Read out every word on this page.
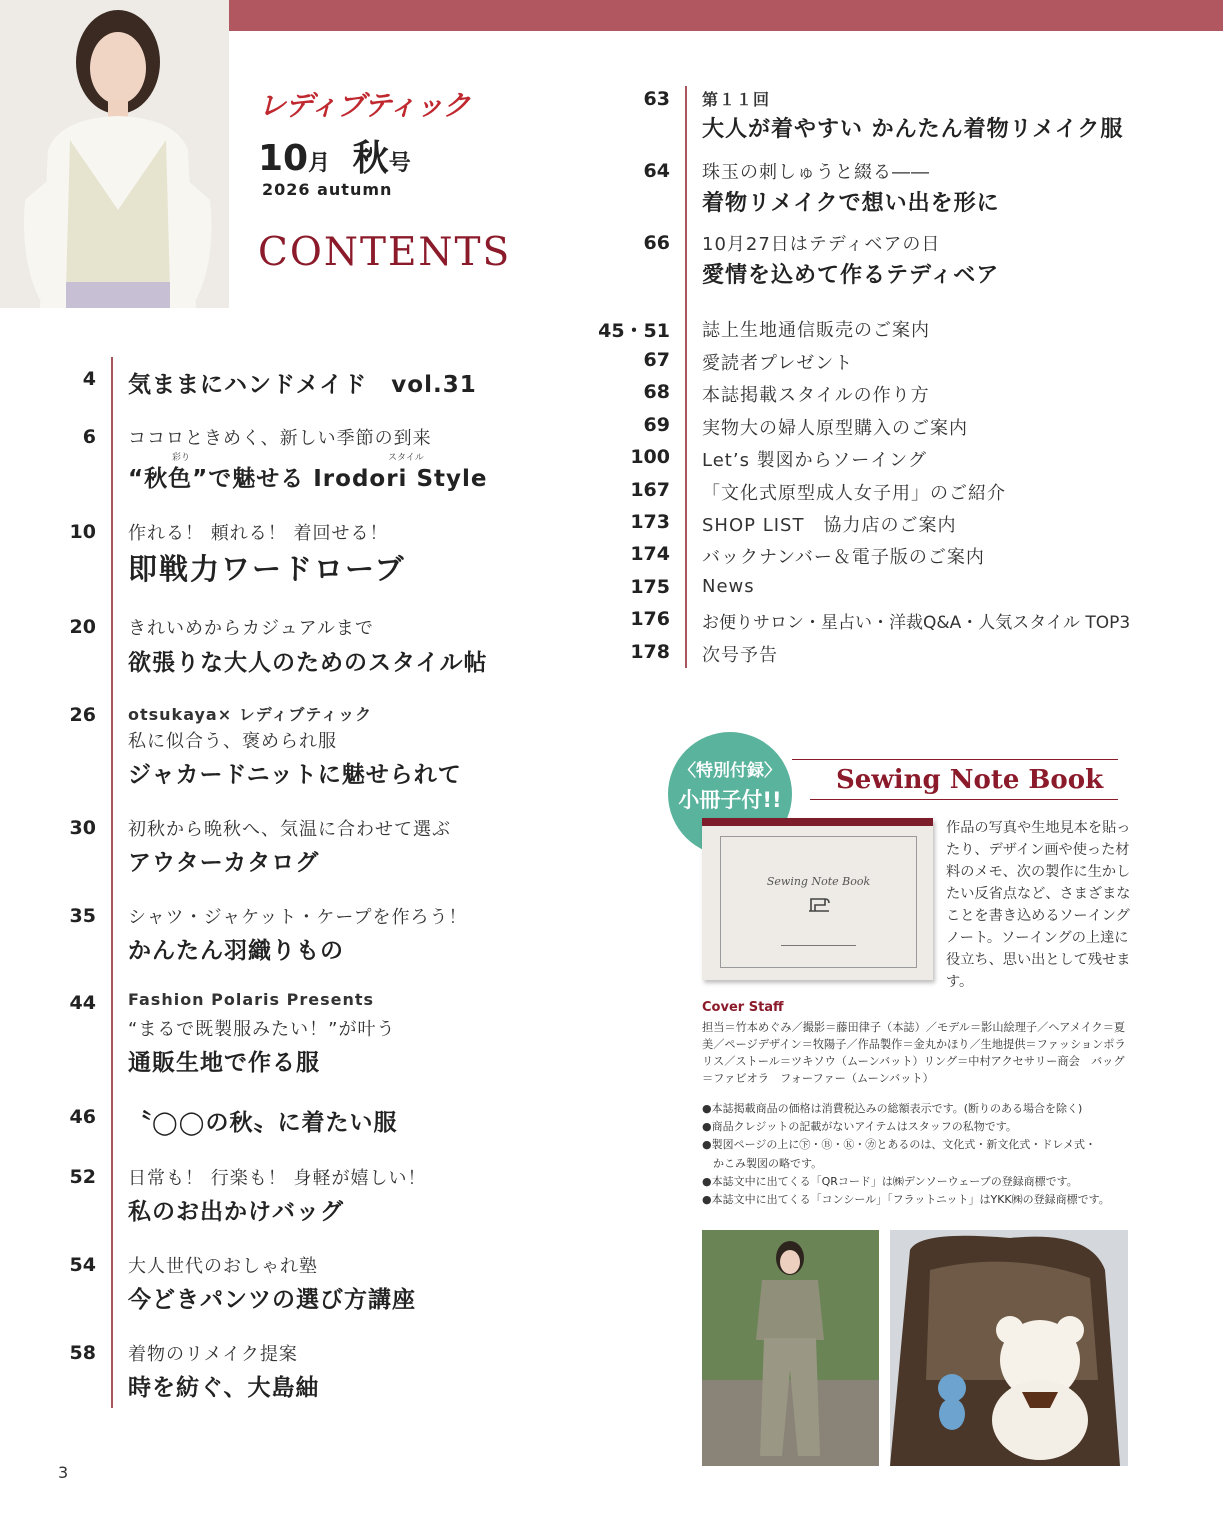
レディブティック
10月 秋号
2026 autumn
CONTENTS
4 気ままにハンドメイド　vol.31
6 ココロときめく、新しい季節の到来
彩り	スタイル
“秋色”で魅せる Irodori Style
10 作れる！ 頼れる！ 着回せる！
即戦力ワードローブ
20 きれいめからカジュアルまで
欲張りな大人のためのスタイル帖
26 otsukaya× レディブティック
私に似合う、褒められ服
ジャカードニットに魅せられて
30 初秋から晩秋へ、気温に合わせて選ぶ
アウターカタログ
35 シャツ・ジャケット・ケープを作ろう！
かんたん羽織りもの
44 Fashion Polaris Presents
“まるで既製服みたい！”が叶う
通販生地で作る服
46 〝◯◯の秋〟に着たい服
52 日常も！ 行楽も！ 身軽が嬉しい！
私のお出かけバッグ
54 大人世代のおしゃれ塾
今どきパンツの選び方講座
58 着物のリメイク提案
時を紡ぐ、大島紬
63 第１１回
大人が着やすい かんたん着物リメイク服
64 珠玉の刺しゅうと綴る――
着物リメイクで想い出を形に
66 10月27日はテディベアの日
愛情を込めて作るテディベア
45・51 誌上生地通信販売のご案内
67 愛読者プレゼント
68 本誌掲載スタイルの作り方
69 実物大の婦人原型購入のご案内
100 Let’s 製図からソーイング
167 「文化式原型成人女子用」のご紹介
173 SHOP LIST　協力店のご案内
174 バックナンバー＆電子版のご案内
175 News
176 お便りサロン・星占い・洋裁Q&A・人気スタイル TOP3
178 次号予告
〈特別付録〉
小冊子付!!
Sewing Note Book
Sewing Note Book
作品の写真や生地見本を貼ったり、デザイン画や使った材料のメモ、次の製作に生かしたい反省点など、さまざまなことを書き込めるソーイングノート。ソーイングの上達に役立ち、思い出として残せます。
Cover Staff
担当＝竹本めぐみ／撮影＝藤田律子（本誌）／モデル＝影山絵理子／ヘアメイク＝夏美／ページデザイン＝牧陽子／作品製作＝金丸かほり／生地提供＝ファッションポラリス／ストール＝ツキソウ（ムーンバット）リング＝中村アクセサリー商会　バッグ＝ファビオラ　フォーファー（ムーンバット）
●本誌掲載商品の価格は消費税込みの総額表示です。(断りのある場合を除く)
●商品クレジットの記載がないアイテムはスタッフの私物です。
●製図ページの上に㊦・Ⓑ・Ⓚ・㋕とあるのは、文化式・新文化式・ドレメ式・
　かこみ製図の略です。
●本誌文中に出てくる「QRコード」は㈱デンソーウェーブの登録商標です。
●本誌文中に出てくる「コンシール」「フラットニット」はYKK㈱の登録商標です。
3
